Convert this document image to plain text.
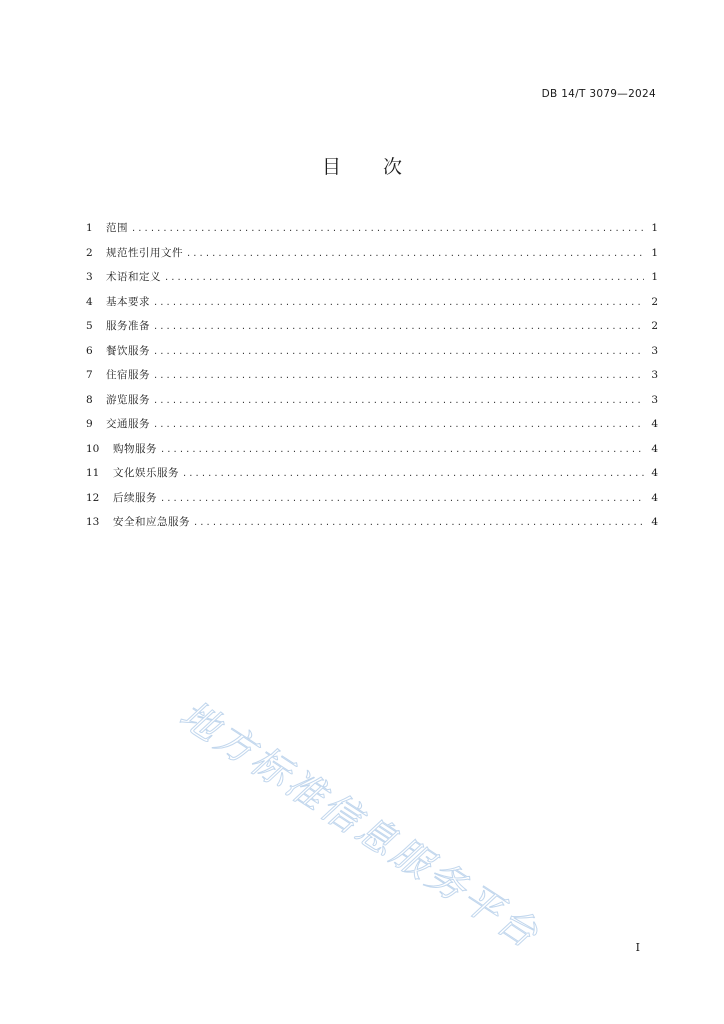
DB 14/T 3079—2024
目 次
1	范围 .....	1
2	规范性引用文件 .....	1
3	术语和定义 .....	1
4	基本要求 .....	2
5	服务准备 .....	2
6	餐饮服务 .....	3
7	住宿服务 .....	3
8	游览服务 .....	3
9	交通服务 .....	4
10	购物服务 .....	4
11	文化娱乐服务 .....	4
12	后续服务 .....	4
13	安全和应急服务 .....	4
地方标准信息服务平台	I
